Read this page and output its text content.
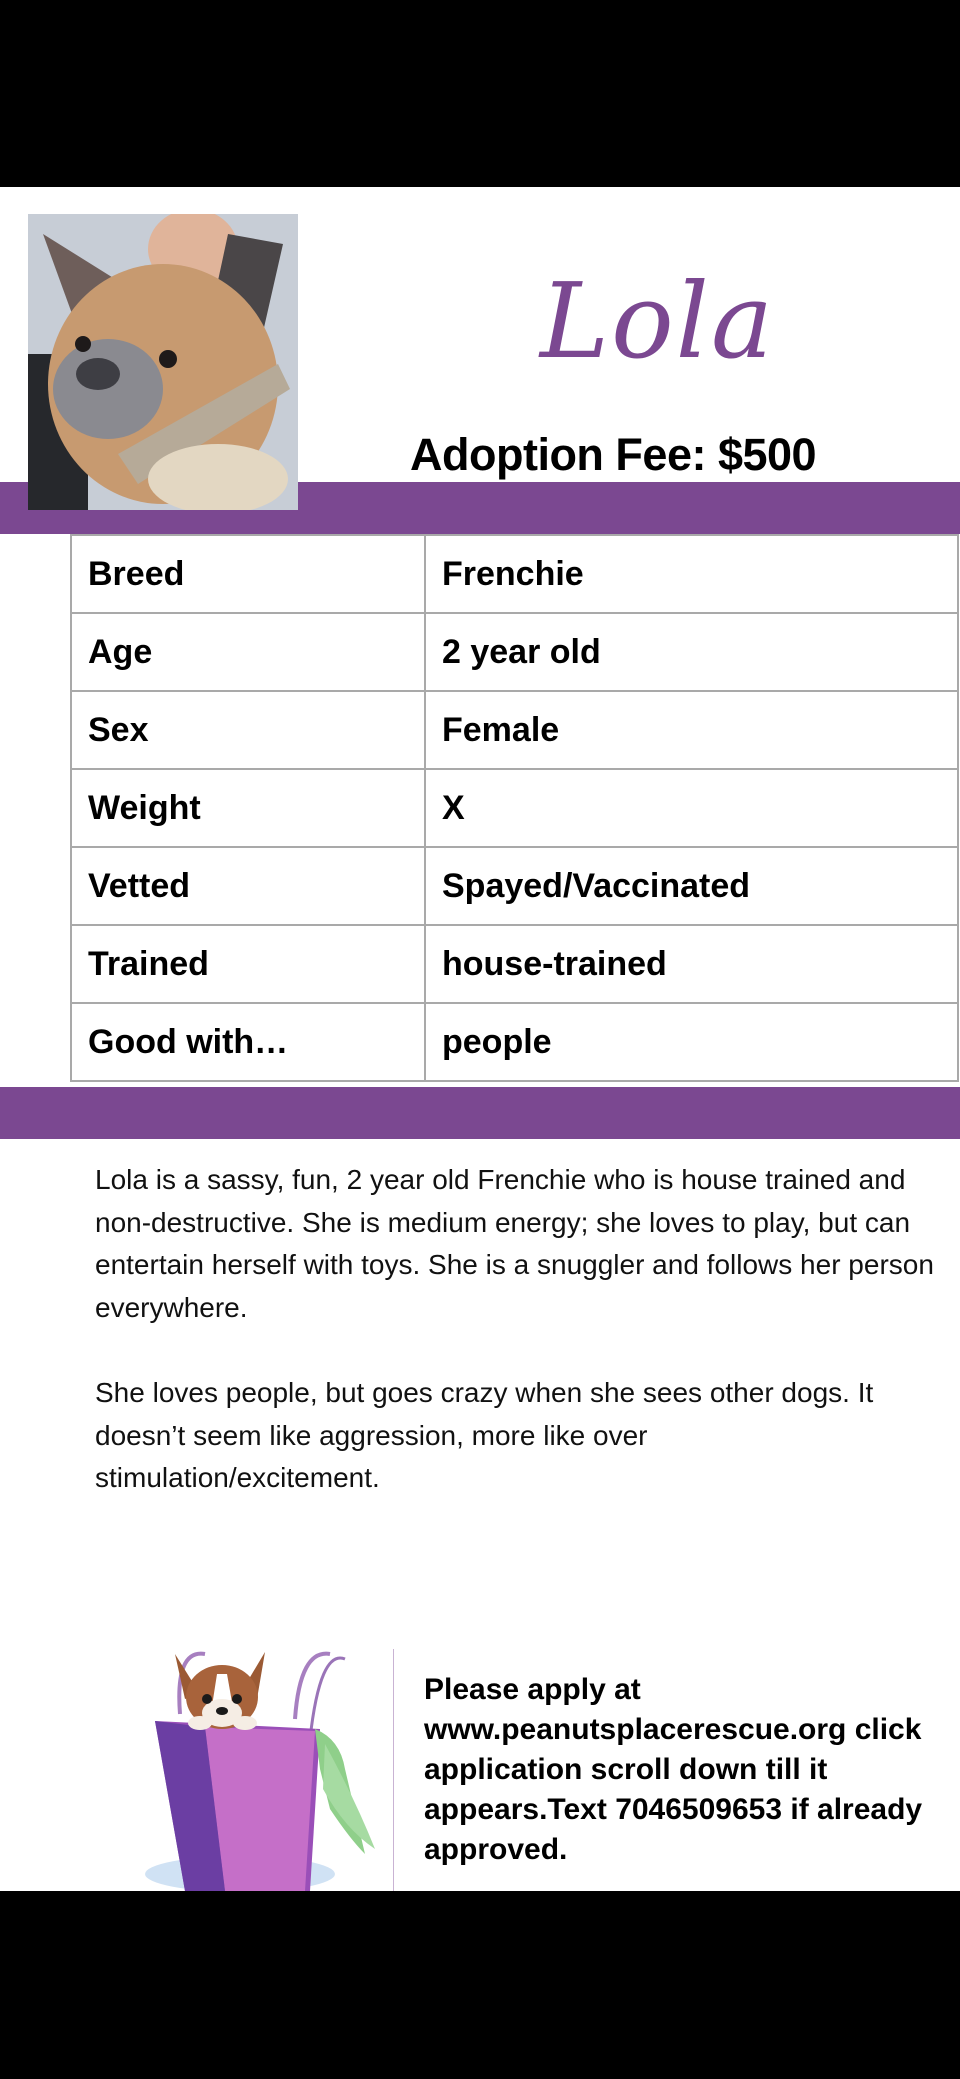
Lola
Adoption Fee: $500
Breed	Frenchie
Age	2 year old
Sex	Female
Weight	X
Vetted	Spayed/Vaccinated
Trained	house-trained
Good with…	people

Lola is a sassy, fun, 2 year old Frenchie who is house trained and non-destructive. She is medium energy; she loves to play, but can entertain herself with toys. She is a snuggler and follows her person everywhere.

She loves people, but goes crazy when she sees other dogs. It doesn’t seem like aggression, more like over stimulation/excitement.

Please apply at www.peanutsplacerescue.org click application scroll down till it appears.Text 7046509653 if already approved.
